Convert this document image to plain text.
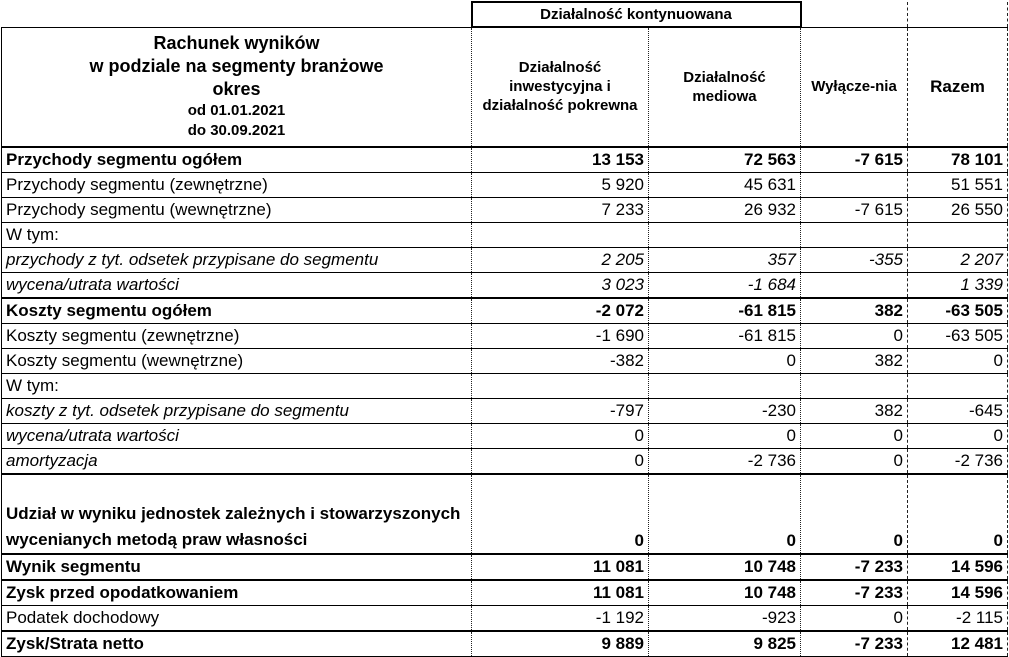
	Działalność kontynuowana			
Rachunek wyników
w podziale na segmenty branżowe
okres
od 01.01.2021
do 30.09.2021	Działalność inwestycyjna i działalność pokrewna	Działalność mediowa	Wyłącze-nia	Razem
Przychody segmentu ogółem	13 153	72 563	-7 615	78 101
Przychody segmentu (zewnętrzne)	5 920	45 631		51 551
Przychody segmentu (wewnętrzne)	7 233	26 932	-7 615	26 550
W tym:				
przychody z tyt. odsetek przypisane do segmentu	2 205	357	-355	2 207
wycena/utrata wartości	3 023	-1 684		1 339
Koszty segmentu ogółem	-2 072	-61 815	382	-63 505
Koszty segmentu (zewnętrzne)	-1 690	-61 815	0	-63 505
Koszty segmentu (wewnętrzne)	-382	0	382	0
W tym:				
koszty z tyt. odsetek przypisane do segmentu	-797	-230	382	-645
wycena/utrata wartości	0	0	0	0
amortyzacja	0	-2 736	0	-2 736
Udział w wyniku jednostek zależnych i stowarzyszonych wycenianych metodą praw własności	0	0	0	0
Wynik segmentu	11 081	10 748	-7 233	14 596
Zysk przed opodatkowaniem	11 081	10 748	-7 233	14 596
Podatek dochodowy	-1 192	-923	0	-2 115
Zysk/Strata netto	9 889	9 825	-7 233	12 481
